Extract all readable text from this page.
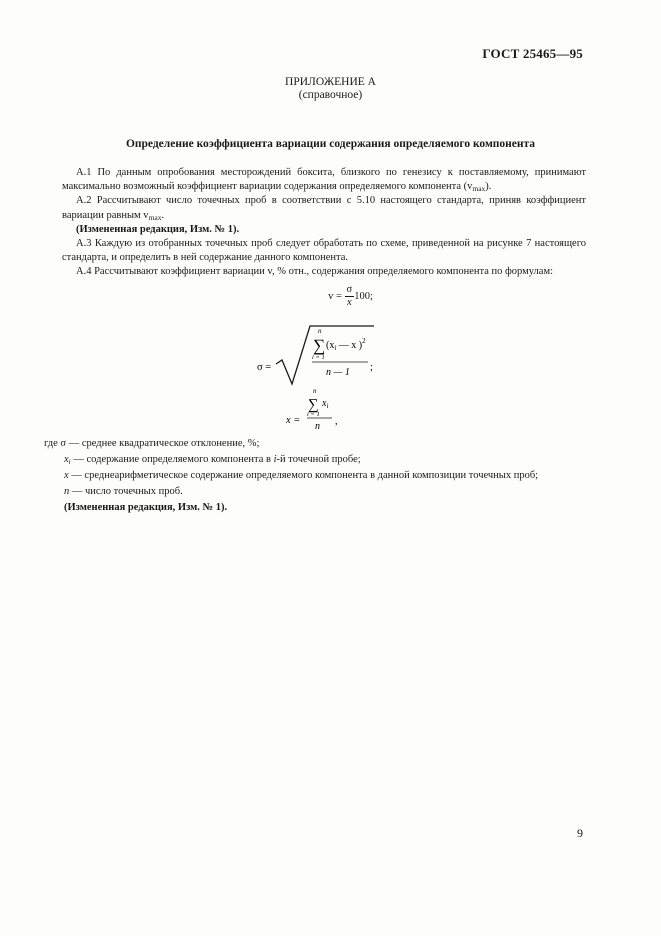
ГОСТ 25465—95
ПРИЛОЖЕНИЕ А
(справочное)
Определение коэффициента вариации содержания определяемого компонента

А.1 По данным опробования месторождений боксита, близкого по генезису к поставляемому, принимают максимально возможный коэффициент вариации содержания определяемого компонента $(v_{max})$.

А.2 Рассчитывают число точечных проб в соответствии с 5.10 настоящего стандарта, приняв коэффициент вариации равным $v_{max}$.

(Измененная редакция, Изм. № 1).

А.3 Каждую из отобранных точечных проб следует обработать по схеме, приведенной на рисунке 7 настоящего стандарта, и определить в ней содержание данного компонента.

А.4 Рассчитывают коэффициент вариации v, % отн., содержания определяемого компонента по формулам:

$v = \frac{\sigma}{x} 100$;
σ =
n
∑
i = 1
($x_i$ — x )$^2$
n — 1 ;
x =
n
∑
i = 1
$x_i$
n ,

где σ — среднее квадратическое отклонение, %;

$x_i$ — содержание определяемого компонента в i-й точечной пробе;

x — среднеарифметическое содержание определяемого компонента в данной композиции точечных проб;

n — число точечных проб.

(Измененная редакция, Изм. № 1).

9
